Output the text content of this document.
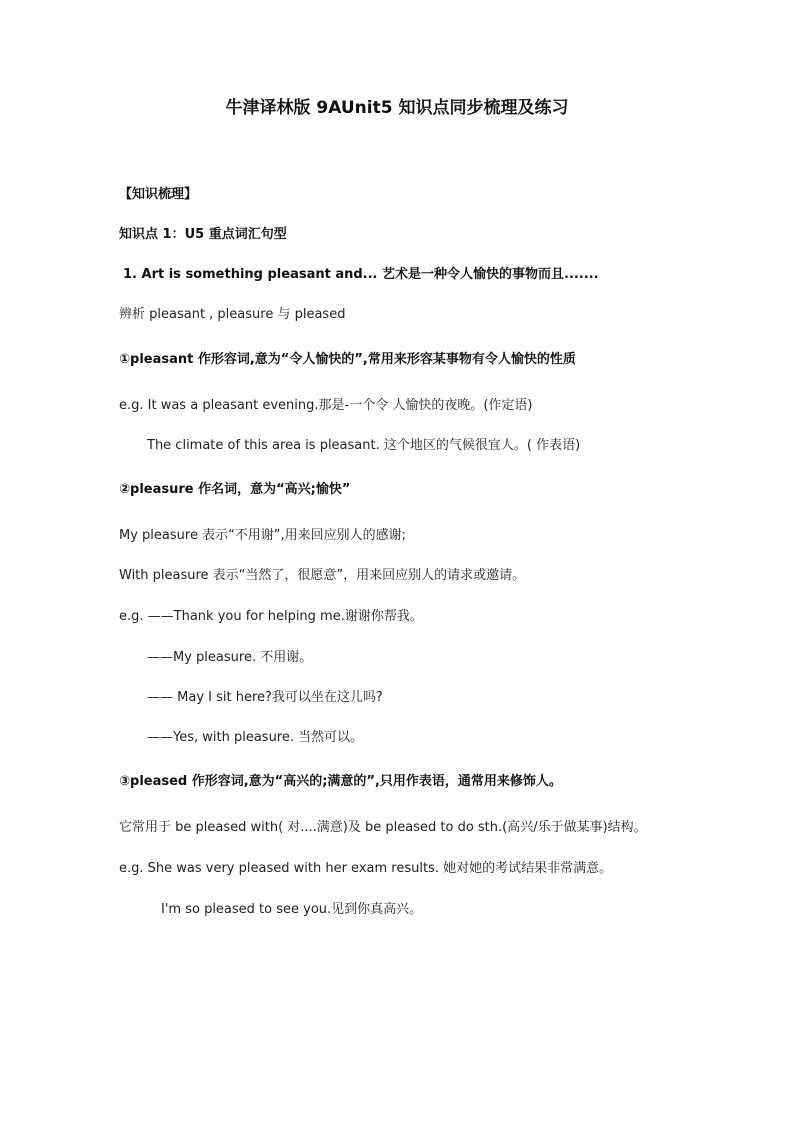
牛津译林版 9AUnit5 知识点同步梳理及练习
【知识梳理】
知识点 1：U5 重点词汇句型
1. Art is something pleasant and... 艺术是一种令人愉快的事物而且.......
辨析 pleasant , pleasure 与 pleased
①pleasant 作形容词,意为“令人愉快的”,常用来形容某事物有令人愉快的性质
e.g. It was a pleasant evening.那是-一个令 人愉快的夜晚。(作定语)
The climate of this area is pleasant. 这个地区的气候很宜人。( 作表语)
②pleasure 作名词，意为“高兴;愉快”
My pleasure 表示“不用谢”,用来回应别人的感谢;
With pleasure 表示“当然了，很愿意”，用来回应别人的请求或邀请。
e.g. ——Thank you for helping me.谢谢你帮我。
——My pleasure. 不用谢。
—— May I sit here?我可以坐在这儿吗?
——Yes, with pleasure. 当然可以。
③pleased 作形容词,意为“高兴的;满意的”,只用作表语，通常用来修饰人。
它常用于 be pleased with( 对....满意)及 be pleased to do sth.(高兴/乐于做某事)结构。
e.g. She was very pleased with her exam results. 她对她的考试结果非常满意。
I'm so pleased to see you.见到你真高兴。
